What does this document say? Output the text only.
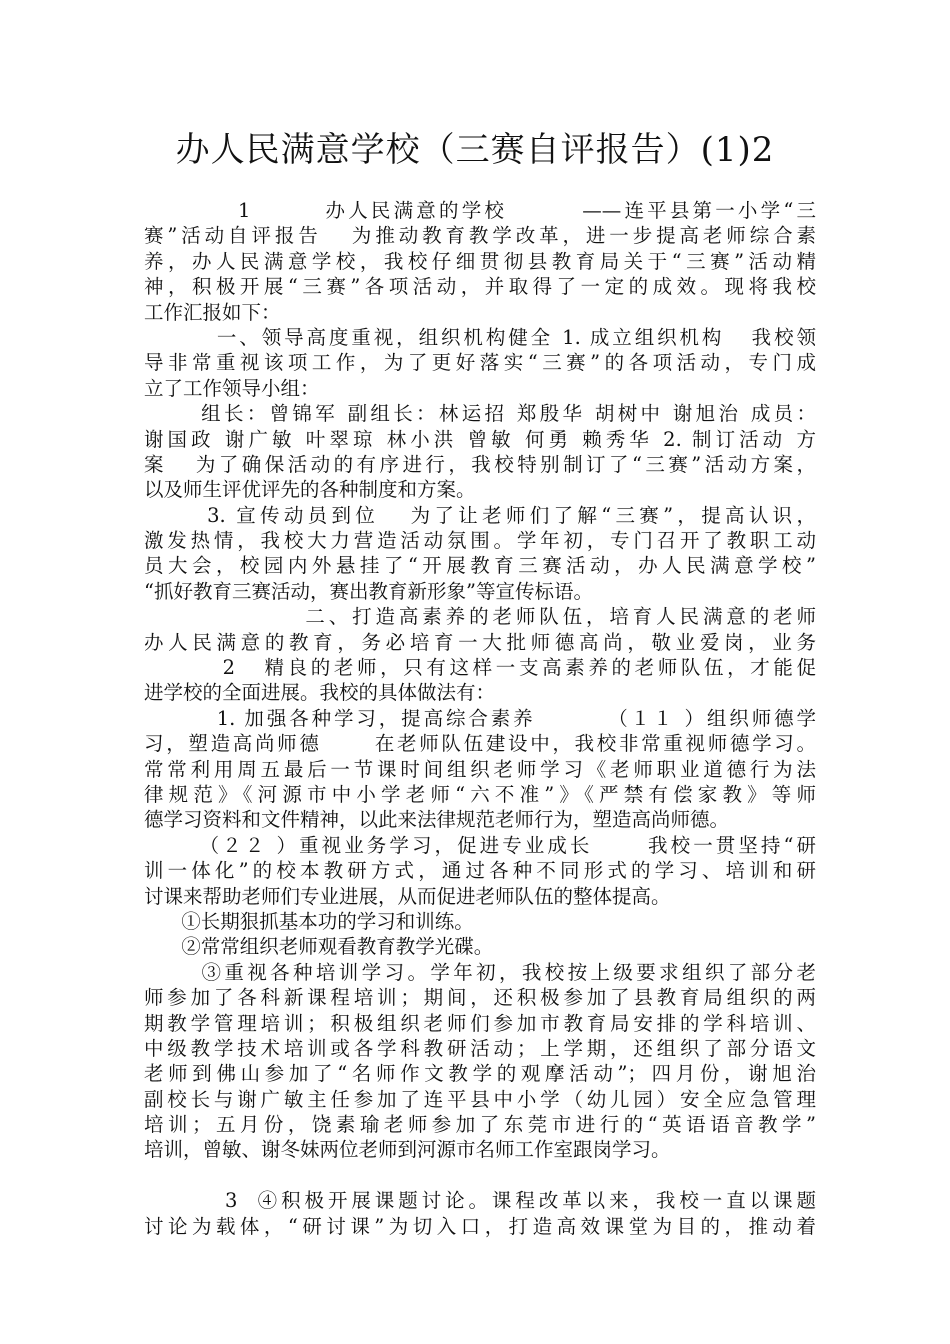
办人民满意学校（三赛自评报告）(1)2
1        办人民满意的学校        ——连平县第一小学“三
赛”活动自评报告   为推动教育教学改革，进一步提高老师综合素
养，办人民满意学校，我校仔细贯彻县教育局关于“三赛”活动精
神，积极开展“三赛”各项活动，并取得了一定的成效。现将我校
工作汇报如下：
一、领导高度重视，组织机构健全 1. 成立组织机构   我校领
导非常重视该项工作，为了更好落实“三赛”的各项活动，专门成
立了工作领导小组：
组长：曾锦军 副组长：林运招 郑殷华 胡树中 谢旭治 成员：
谢国政 谢广敏 叶翠琼 林小洪 曾敏 何勇 赖秀华 2. 制订活动 方
案   为了确保活动的有序进行，我校特别制订了“三赛”活动方案，
以及师生评优评先的各种制度和方案。
3. 宣传动员到位   为了让老师们了解“三赛”，提高认识，
激发热情，我校大力营造活动氛围。学年初，专门召开了教职工动
员大会，校园内外悬挂了“开展教育三赛活动，办人民满意学校”
“抓好教育三赛活动，赛出教育新形象”等宣传标语。
二、打造高素养的老师队伍，培育人民满意的老师
办人民满意的教育，务必培育一大批师德高尚，敬业爱岗，业务
2   精良的老师，只有这样一支高素养的老师队伍，才能促
进学校的全面进展。我校的具体做法有：
1. 加强各种学习，提高综合素养        （１１ ）组织师德学
习，塑造高尚师德      在老师队伍建设中，我校非常重视师德学习。
常常利用周五最后一节课时间组织老师学习《老师职业道德行为法
律规范》《河源市中小学老师“六不准”》《严禁有偿家教》等师
德学习资料和文件精神，以此来法律规范老师行为，塑造高尚师德。
（２２ ）重视业务学习，促进专业成长      我校一贯坚持“研
训一体化”的校本教研方式，通过各种不同形式的学习、培训和研
讨课来帮助老师们专业进展，从而促进老师队伍的整体提高。
①长期狠抓基本功的学习和训练。
②常常组织老师观看教育教学光碟。
③重视各种培训学习。学年初，我校按上级要求组织了部分老
师参加了各科新课程培训；期间，还积极参加了县教育局组织的两
期教学管理培训；积极组织老师们参加市教育局安排的学科培训、
中级教学技术培训或各学科教研活动；上学期，还组织了部分语文
老师到佛山参加了“名师作文教学的观摩活动”；四月份，谢旭治
副校长与谢广敏主任参加了连平县中小学（幼儿园）安全应急管理
培训；五月份，饶素瑜老师参加了东莞市进行的“英语语音教学”
培训，曾敏、谢冬妹两位老师到河源市名师工作室跟岗学习。
3  ④积极开展课题讨论。课程改革以来，我校一直以课题
讨论为载体，“研讨课”为切入口，打造高效课堂为目的，推动着
